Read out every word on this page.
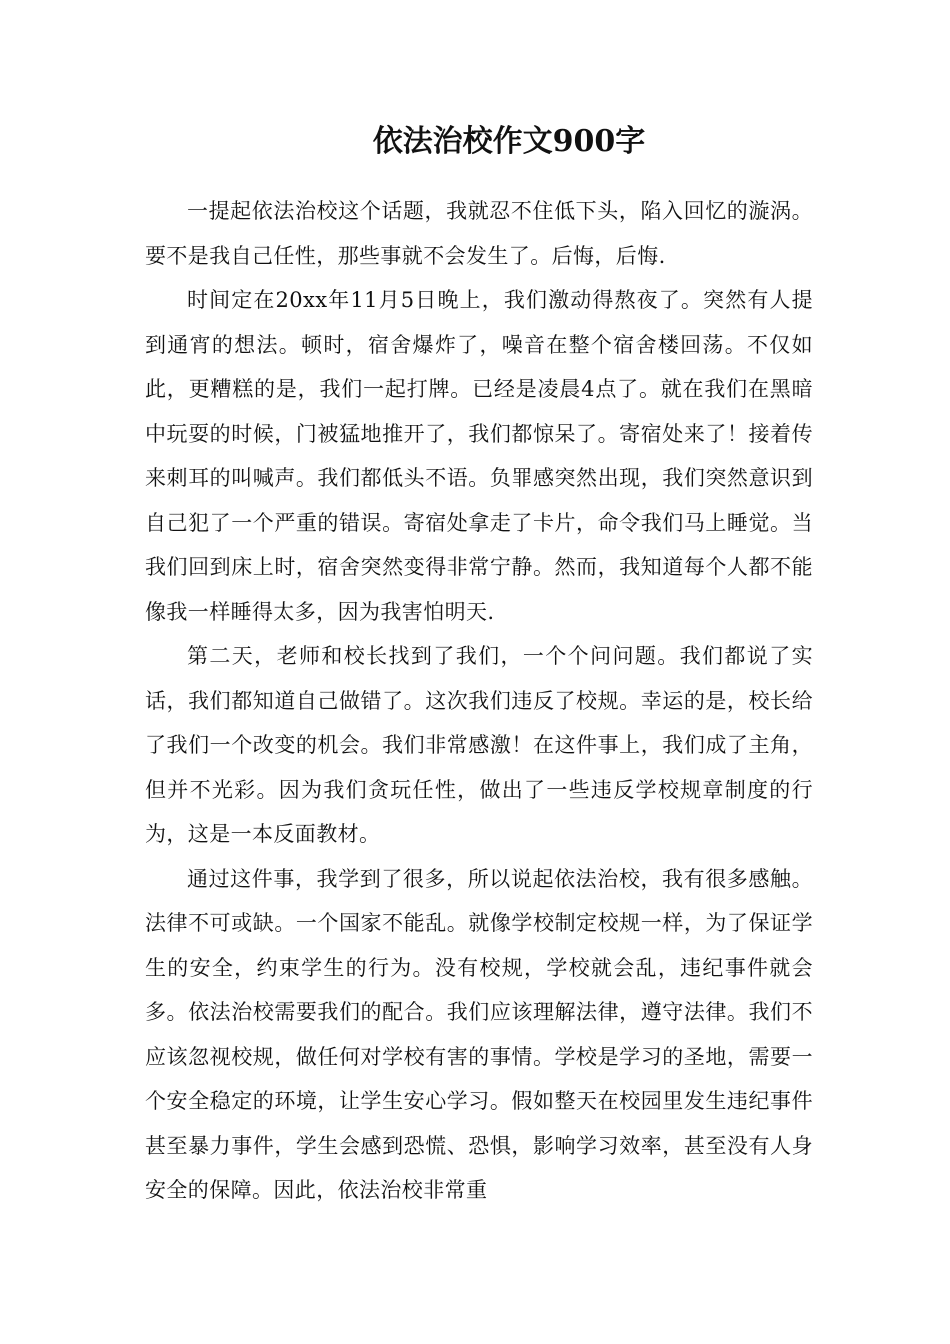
依法治校作文900字

一提起依法治校这个话题，我就忍不住低下头，陷入回忆的漩涡。要不是我自己任性，那些事就不会发生了。后悔，后悔.

时间定在20xx年11月5日晚上，我们激动得熬夜了。突然有人提到通宵的想法。顿时，宿舍爆炸了，噪音在整个宿舍楼回荡。不仅如此，更糟糕的是，我们一起打牌。已经是凌晨4点了。就在我们在黑暗中玩耍的时候，门被猛地推开了，我们都惊呆了。寄宿处来了！接着传来刺耳的叫喊声。我们都低头不语。负罪感突然出现，我们突然意识到自己犯了一个严重的错误。寄宿处拿走了卡片，命令我们马上睡觉。当我们回到床上时，宿舍突然变得非常宁静。然而，我知道每个人都不能像我一样睡得太多，因为我害怕明天.

第二天，老师和校长找到了我们，一个个问问题。我们都说了实话，我们都知道自己做错了。这次我们违反了校规。幸运的是，校长给了我们一个改变的机会。我们非常感激！在这件事上，我们成了主角，但并不光彩。因为我们贪玩任性，做出了一些违反学校规章制度的行为，这是一本反面教材。

通过这件事，我学到了很多，所以说起依法治校，我有很多感触。法律不可或缺。一个国家不能乱。就像学校制定校规一样，为了保证学生的安全，约束学生的行为。没有校规，学校就会乱，违纪事件就会多。依法治校需要我们的配合。我们应该理解法律，遵守法律。我们不应该忽视校规，做任何对学校有害的事情。学校是学习的圣地，需要一个安全稳定的环境，让学生安心学习。假如整天在校园里发生违纪事件甚至暴力事件，学生会感到恐慌、恐惧，影响学习效率，甚至没有人身安全的保障。因此，依法治校非常重
